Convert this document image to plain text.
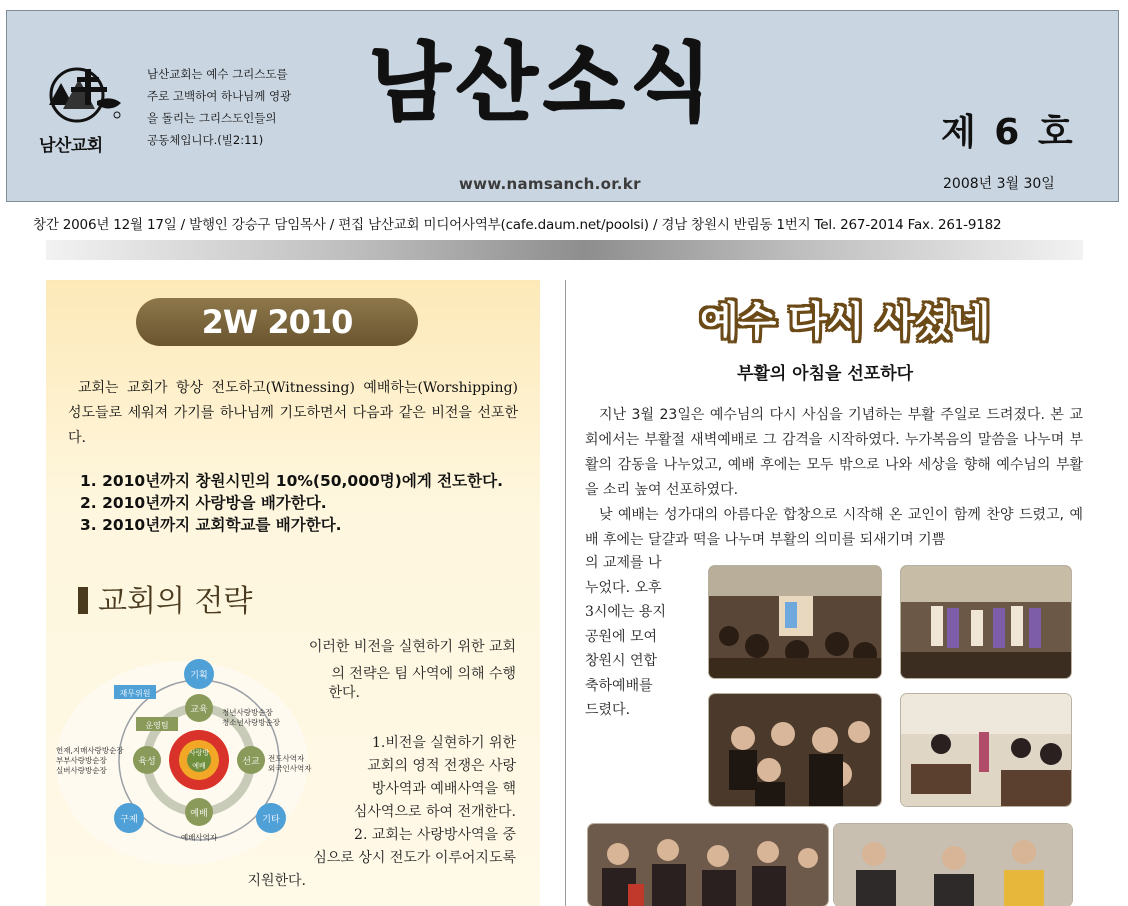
남산교회
남산교회는 예수 그리스도를
주로 고백하여 하나님께 영광
을 돌리는 그리스도인들의
공동체입니다.(빌2:11)
남산소식
www.namsanch.or.kr
제 6 호
2008년 3월 30일
창간 2006년 12월 17일 / 발행인 강승구 담임목사 / 편집 남산교회 미디어사역부(cafe.daum.net/poolsi) / 경남 창원시 반림동 1번지 Tel. 267-2014 Fax. 261-9182
2W 2010
교회는 교회가 항상 전도하고(Witnessing) 예배하는(Worshipping) 성도들로 세워져 가기를 하나님께 기도하면서 다음과 같은 비전을 선포한다.
1. 2010년까지 창원시민의 10%(50,000명)에게 전도한다.
2. 2010년까지 사랑방을 배가한다.
3. 2010년까지 교회학교를 배가한다.
교회의 전략
이러한 비전을 실현하기 위한 교회
의 전략은 팀 사역에 의해 수행
한다.
1.비전을 실현하기 위한
교회의 영적 전쟁은 사랑
방사역과 예배사역을 핵
심사역으로 하여 전개한다.
2. 교회는 사랑방사역을 중
심으로 상시 전도가 이루어지도록
지원한다.
기획
구제	기타
재무위원
운영팀
교육
육성	선교
예배
사랑방
예배
청년사랑방순장
청소년사랑방순장
헌재,지매사랑방순장
부부사랑방순장
실버사랑방순장
전도사역자
외국인사역자
예배사역자
예수 다시 사셨네
부활의 아침을 선포하다

지난 3월 23일은 예수님의 다시 사심을 기념하는 부활 주일로 드려졌다. 본 교회에서는 부활절 새벽예배로 그 감격을 시작하였다. 누가복음의 말씀을 나누며 부활의 감동을 나누었고, 예배 후에는 모두 밖으로 나와 세상을 향해 예수님의 부활을 소리 높여 선포하였다.

낮 예배는 성가대의 아름다운 합창으로 시작해 온 교인이 함께 찬양 드렸고, 예배 후에는 달걀과 떡을 나누며 부활의 의미를 되새기며 기쁨

의 교제를 나
누었다. 오후
3시에는 용지
공원에 모여
창원시 연합
축하예배를
드렸다.
